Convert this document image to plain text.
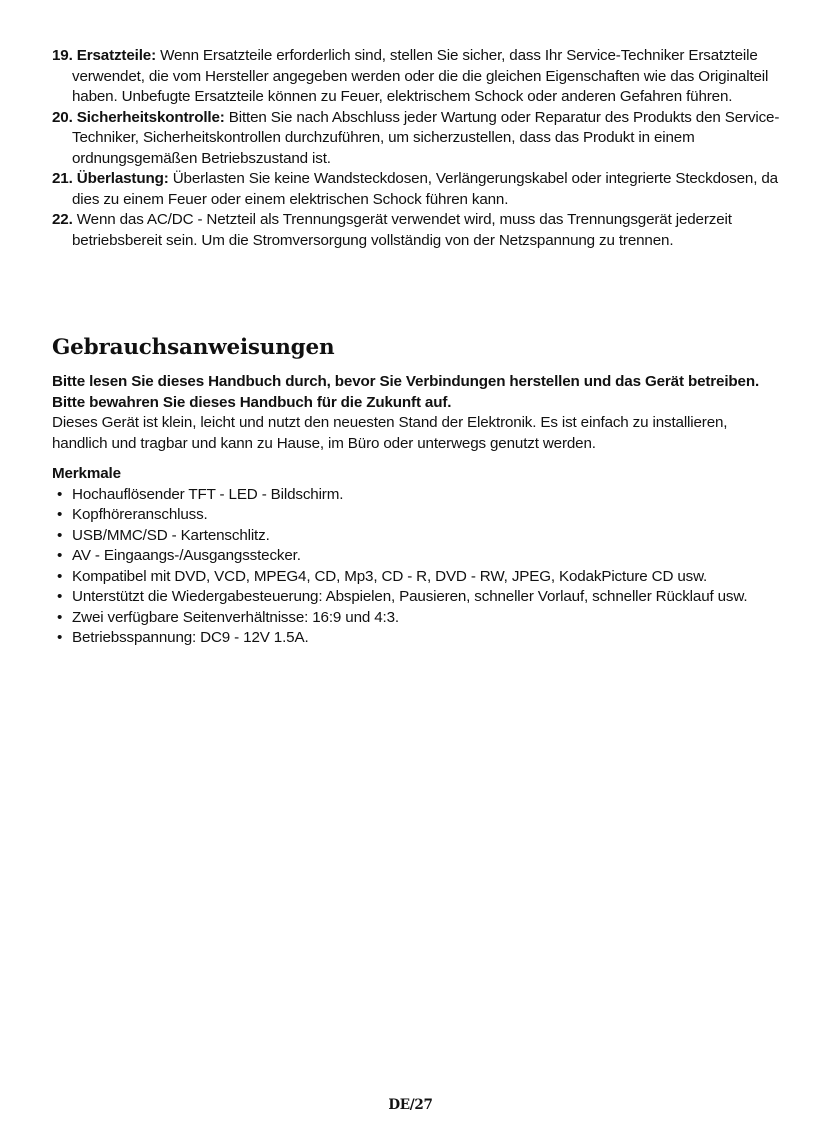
19. Ersatzteile: Wenn Ersatzteile erforderlich sind, stellen Sie sicher, dass Ihr Service-Techniker Ersatzteile verwendet, die vom Hersteller angegeben werden oder die die gleichen Eigenschaften wie das Originalteil haben. Unbefugte Ersatzteile können zu Feuer, elektrischem Schock oder anderen Gefahren führen.
20. Sicherheitskontrolle: Bitten Sie nach Abschluss jeder Wartung oder Reparatur des Produkts den Service-Techniker, Sicherheitskontrollen durchzuführen, um sicherzustellen, dass das Produkt in einem ordnungsgemäßen Betriebszustand ist.
21. Überlastung: Überlasten Sie keine Wandsteckdosen, Verlängerungskabel oder integrierte Steckdosen, da dies zu einem Feuer oder einem elektrischen Schock führen kann.
22. Wenn das AC/DC - Netzteil als Trennungsgerät verwendet wird, muss das Trennungsgerät jederzeit betriebsbereit sein. Um die Stromversorgung vollständig von der Netzspannung zu trennen.
Gebrauchsanweisungen

Bitte lesen Sie dieses Handbuch durch, bevor Sie Verbindungen herstellen und das Gerät betreiben. Bitte bewahren Sie dieses Handbuch für die Zukunft auf.

Dieses Gerät ist klein, leicht und nutzt den neuesten Stand der Elektronik. Es ist einfach zu installieren, handlich und tragbar und kann zu Hause, im Büro oder unterwegs genutzt werden.

Merkmale

• Hochauflösender TFT - LED - Bildschirm.
• Kopfhöreranschluss.
• USB/MMC/SD - Kartenschlitz.
• AV - Eingaangs-/Ausgangsstecker.
• Kompatibel mit DVD, VCD, MPEG4, CD, Mp3, CD - R, DVD - RW, JPEG, KodakPicture CD usw.
• Unterstützt die Wiedergabesteuerung: Abspielen, Pausieren, schneller Vorlauf, schneller Rücklauf usw.
• Zwei verfügbare Seitenverhältnisse: 16:9 und 4:3.
• Betriebsspannung: DC9 - 12V 1.5A.
DE/27
